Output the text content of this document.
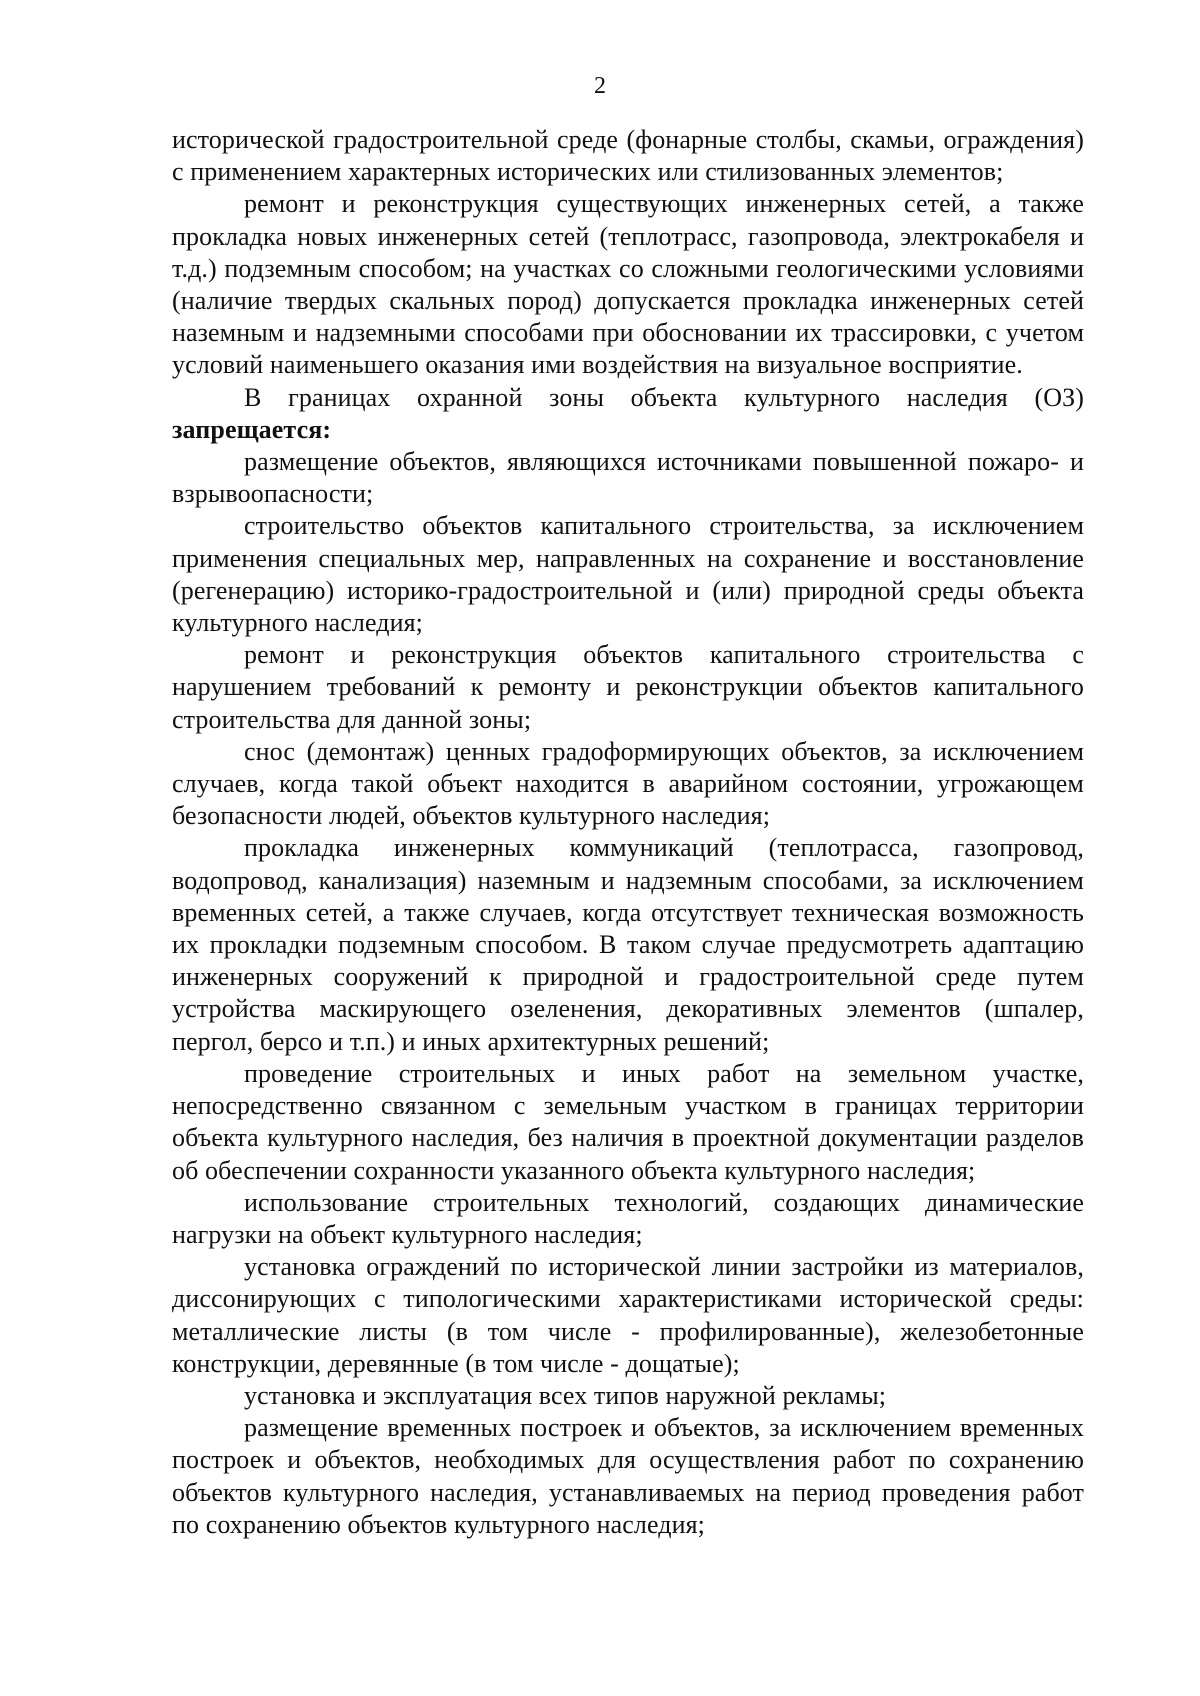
2

исторической градостроительной среде (фонарные столбы, скамьи, ограждения) с применением характерных исторических или стилизованных элементов;

ремонт и реконструкция существующих инженерных сетей, а также прокладка новых инженерных сетей (теплотрасс, газопровода, электрокабеля и т.д.) подземным способом; на участках со сложными геологическими условиями (наличие твердых скальных пород) допускается прокладка инженерных сетей наземным и надземными способами при обосновании их трассировки, с учетом условий наименьшего оказания ими воздействия на визуальное восприятие.

В границах охранной зоны объекта культурного наследия (ОЗ) запрещается:

размещение объектов, являющихся источниками повышенной пожаро- и взрывоопасности;

строительство объектов капитального строительства, за исключением применения специальных мер, направленных на сохранение и восстановление (регенерацию) историко-градостроительной и (или) природной среды объекта культурного наследия;

ремонт и реконструкция объектов капитального строительства с нарушением требований к ремонту и реконструкции объектов капитального строительства для данной зоны;

снос (демонтаж) ценных градоформирующих объектов, за исключением случаев, когда такой объект находится в аварийном состоянии, угрожающем безопасности людей, объектов культурного наследия;

прокладка инженерных коммуникаций (теплотрасса, газопровод, водопровод, канализация) наземным и надземным способами, за исключением временных сетей, а также случаев, когда отсутствует техническая возможность их прокладки подземным способом. В таком случае предусмотреть адаптацию инженерных сооружений к природной и градостроительной среде путем устройства маскирующего озеленения, декоративных элементов (шпалер, пергол, берсо и т.п.) и иных архитектурных решений;

проведение строительных и иных работ на земельном участке, непосредственно связанном с земельным участком в границах территории объекта культурного наследия, без наличия в проектной документации разделов об обеспечении сохранности указанного объекта культурного наследия;

использование строительных технологий, создающих динамические нагрузки на объект культурного наследия;

установка ограждений по исторической линии застройки из материалов, диссонирующих с типологическими характеристиками исторической среды: металлические листы (в том числе - профилированные), железобетонные конструкции, деревянные (в том числе - дощатые);

установка и эксплуатация всех типов наружной рекламы;

размещение временных построек и объектов, за исключением временных построек и объектов, необходимых для осуществления работ по сохранению объектов культурного наследия, устанавливаемых на период проведения работ по сохранению объектов культурного наследия;
